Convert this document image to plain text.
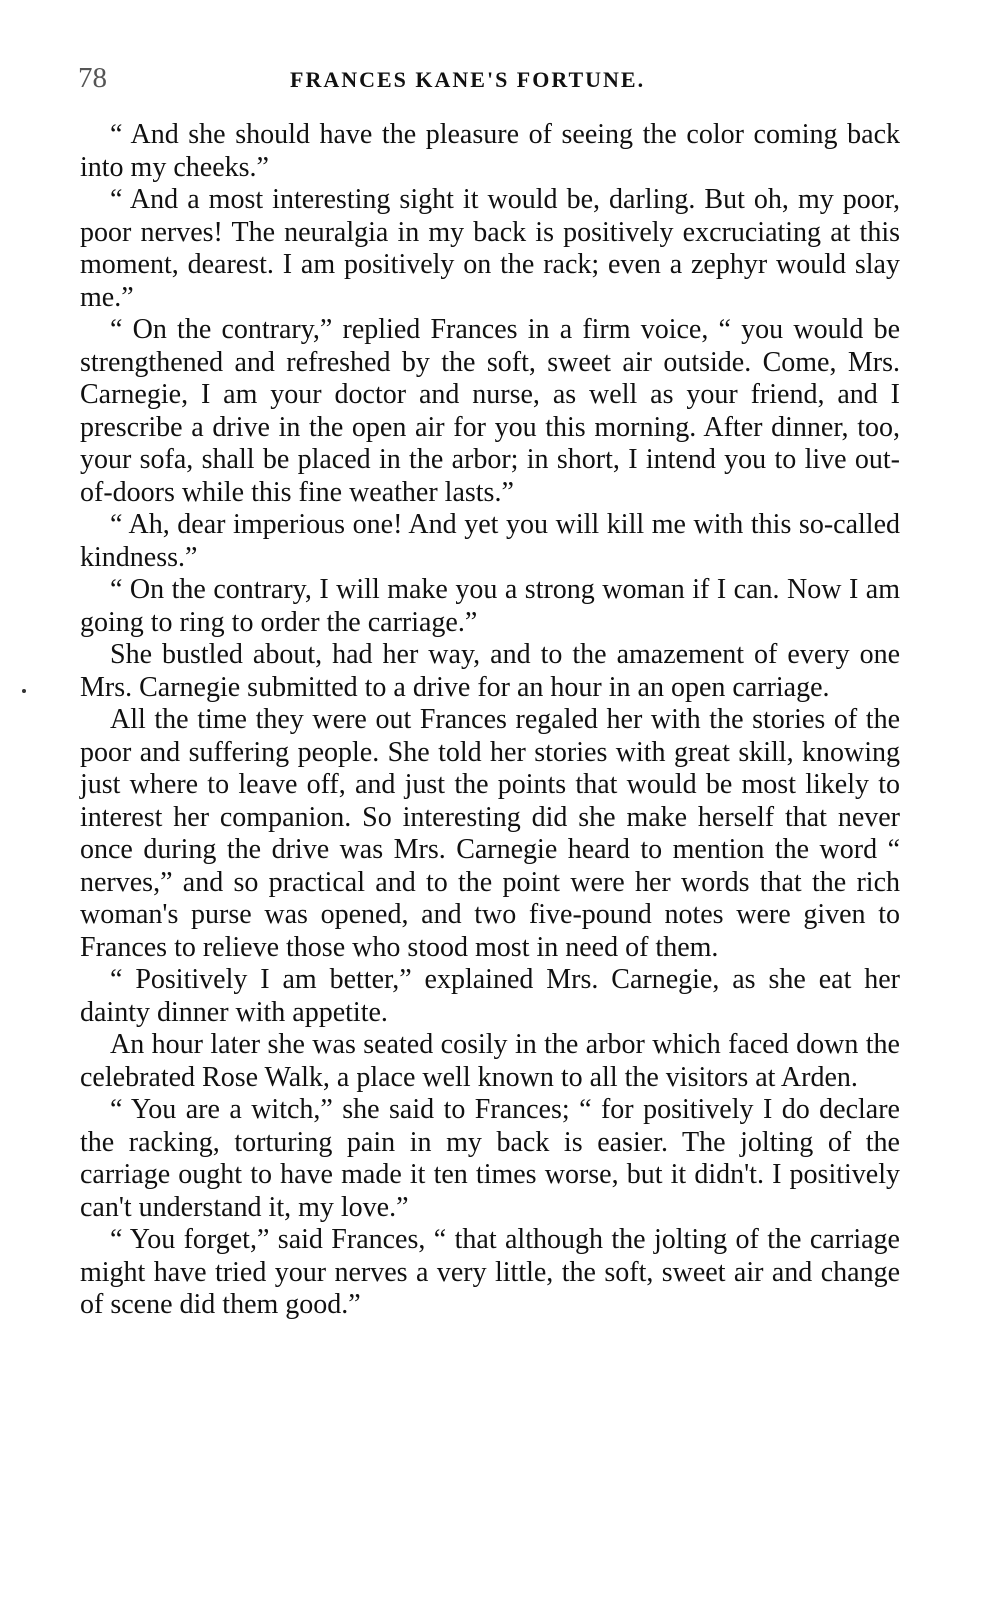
78	FRANCES KANE'S FORTUNE.

“ And she should have the pleasure of seeing the color coming back into my cheeks.”

“ And a most interesting sight it would be, darling. But oh, my poor, poor nerves! The neuralgia in my back is positively excruciating at this moment, dearest. I am positively on the rack; even a zephyr would slay me.”

“ On the contrary,” replied Frances in a firm voice, “ you would be strengthened and refreshed by the soft, sweet air outside. Come, Mrs. Carnegie, I am your doctor and nurse, as well as your friend, and I prescribe a drive in the open air for you this morning. After dinner, too, your sofa, shall be placed in the arbor; in short, I intend you to live out-of-doors while this fine weather lasts.”

“ Ah, dear imperious one! And yet you will kill me with this so-called kindness.”

“ On the contrary, I will make you a strong woman if I can. Now I am going to ring to order the carriage.”

She bustled about, had her way, and to the amazement of every one Mrs. Carnegie submitted to a drive for an hour in an open carriage.

All the time they were out Frances regaled her with the stories of the poor and suffering people. She told her stories with great skill, knowing just where to leave off, and just the points that would be most likely to interest her companion. So interesting did she make herself that never once during the drive was Mrs. Carnegie heard to mention the word “ nerves,” and so practical and to the point were her words that the rich woman's purse was opened, and two five-pound notes were given to Frances to relieve those who stood most in need of them.

“ Positively I am better,” explained Mrs. Carnegie, as she eat her dainty dinner with appetite.

An hour later she was seated cosily in the arbor which faced down the celebrated Rose Walk, a place well known to all the visitors at Arden.

“ You are a witch,” she said to Frances; “ for positively I do declare the racking, torturing pain in my back is easier. The jolting of the carriage ought to have made it ten times worse, but it didn't. I positively can't understand it, my love.”

“ You forget,” said Frances, “ that although the jolting of the carriage might have tried your nerves a very little, the soft, sweet air and change of scene did them good.”
